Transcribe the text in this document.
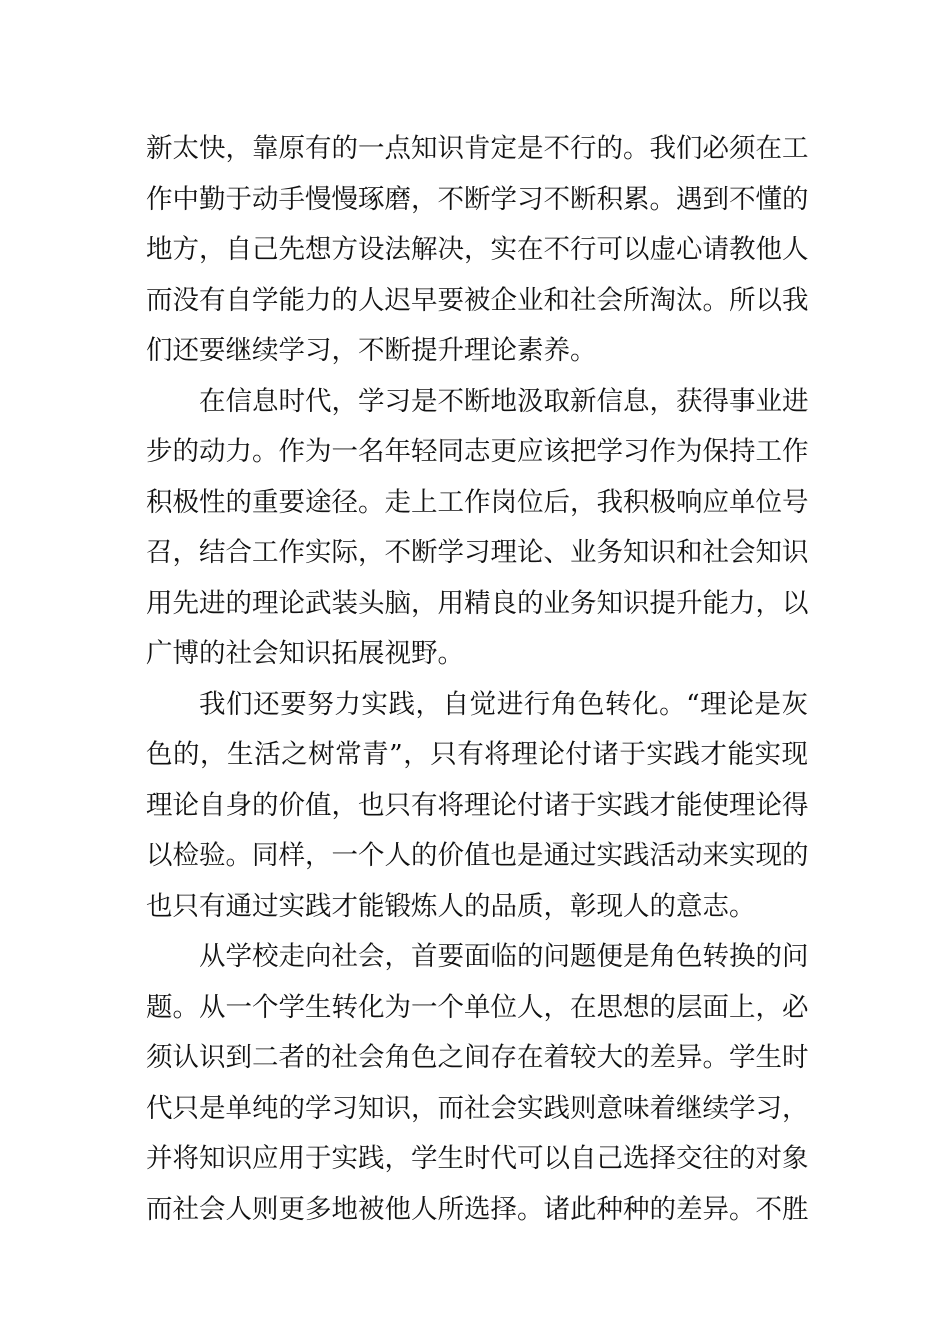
新太快，靠原有的一点知识肯定是不行的。我们必须在工
作中勤于动手慢慢琢磨，不断学习不断积累。遇到不懂的
地方，自己先想方设法解决，实在不行可以虚心请教他人
而没有自学能力的人迟早要被企业和社会所淘汰。所以我
们还要继续学习，不断提升理论素养。
在信息时代，学习是不断地汲取新信息，获得事业进
步的动力。作为一名年轻同志更应该把学习作为保持工作
积极性的重要途径。走上工作岗位后，我积极响应单位号
召，结合工作实际，不断学习理论、业务知识和社会知识
用先进的理论武装头脑，用精良的业务知识提升能力，以
广博的社会知识拓展视野。
我们还要努力实践，自觉进行角色转化。“理论是灰
色的，生活之树常青”，只有将理论付诸于实践才能实现
理论自身的价值，也只有将理论付诸于实践才能使理论得
以检验。同样，一个人的价值也是通过实践活动来实现的
也只有通过实践才能锻炼人的品质，彰现人的意志。
从学校走向社会，首要面临的问题便是角色转换的问
题。从一个学生转化为一个单位人，在思想的层面上，必
须认识到二者的社会角色之间存在着较大的差异。学生时
代只是单纯的学习知识，而社会实践则意味着继续学习，
并将知识应用于实践，学生时代可以自己选择交往的对象
而社会人则更多地被他人所选择。诸此种种的差异。不胜
